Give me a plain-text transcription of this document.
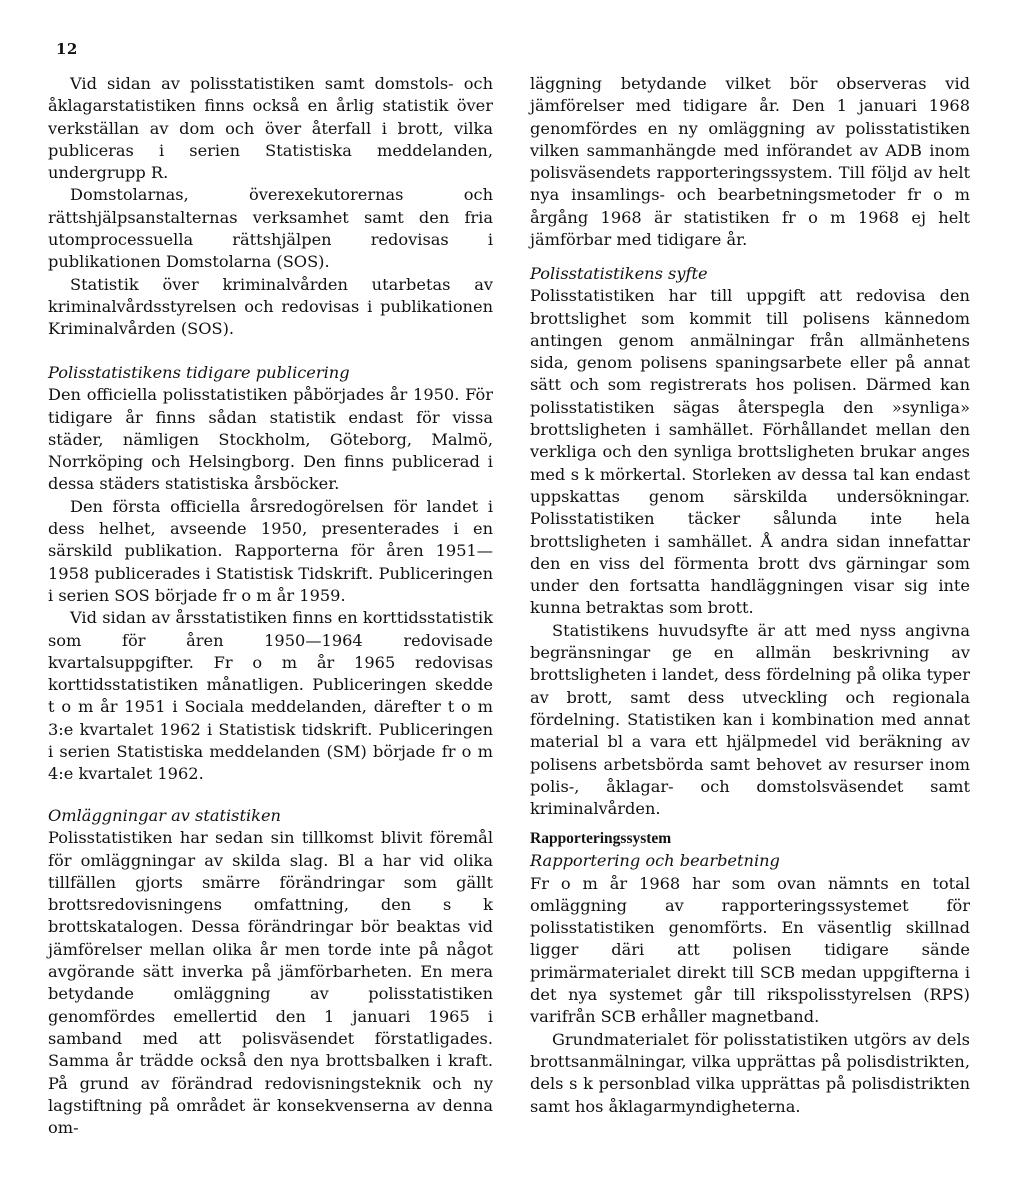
12

Vid sidan av polisstatistiken samt domstols- och åklagarstatistiken finns också en årlig statistik över verkställan av dom och över återfall i brott, vilka publiceras i serien Statistiska meddelanden, undergrupp R.

Domstolarnas, överexekutorernas och rättshjälpsanstalternas verksamhet samt den fria utomprocessuella rättshjälpen redovisas i publikationen Domstolarna (SOS).

Statistik över kriminalvården utarbetas av kriminalvårdsstyrelsen och redovisas i publikationen Kriminalvården (SOS).

Polisstatistikens tidigare publicering

Den officiella polisstatistiken påbörjades år 1950. För tidigare år finns sådan statistik endast för vissa städer, nämligen Stockholm, Göteborg, Malmö, Norrköping och Helsingborg. Den finns publicerad i dessa städers statistiska årsböcker.

Den första officiella årsredogörelsen för landet i dess helhet, avseende 1950, presenterades i en särskild publikation. Rapporterna för åren 1951—1958 publicerades i Statistisk Tidskrift. Publiceringen i serien SOS började fr o m år 1959.

Vid sidan av årsstatistiken finns en korttidsstatistik som för åren 1950—1964 redovisade kvartalsuppgifter. Fr o m år 1965 redovisas korttidsstatistiken månatligen. Publiceringen skedde t o m år 1951 i Sociala meddelanden, därefter t o m 3:e kvartalet 1962 i Statistisk tidskrift. Publiceringen i serien Statistiska meddelanden (SM) började fr o m 4:e kvartalet 1962.

Omläggningar av statistiken

Polisstatistiken har sedan sin tillkomst blivit föremål för omläggningar av skilda slag. Bl a har vid olika tillfällen gjorts smärre förändringar som gällt brottsredovisningens omfattning, den s k brottskatalogen. Dessa förändringar bör beaktas vid jämförelser mellan olika år men torde inte på något avgörande sätt inverka på jämförbarheten. En mera betydande omläggning av polisstatistiken genomfördes emellertid den 1 januari 1965 i samband med att polisväsendet förstatligades. Samma år trädde också den nya brottsbalken i kraft. På grund av förändrad redovisningsteknik och ny lagstiftning på området är konsekvenserna av denna om-

läggning betydande vilket bör observeras vid jämförelser med tidigare år. Den 1 januari 1968 genomfördes en ny omläggning av polisstatistiken vilken sammanhängde med införandet av ADB inom polisväsendets rapporteringssystem. Till följd av helt nya insamlings- och bearbetningsmetoder fr o m årgång 1968 är statistiken fr o m 1968 ej helt jämförbar med tidigare år.

Polisstatistikens syfte

Polisstatistiken har till uppgift att redovisa den brottslighet som kommit till polisens kännedom antingen genom anmälningar från allmänhetens sida, genom polisens spaningsarbete eller på annat sätt och som registrerats hos polisen. Därmed kan polisstatistiken sägas återspegla den »synliga» brottsligheten i samhället. Förhållandet mellan den verkliga och den synliga brottsligheten brukar anges med s k mörkertal. Storleken av dessa tal kan endast uppskattas genom särskilda undersökningar. Polisstatistiken täcker sålunda inte hela brottsligheten i samhället. Å andra sidan innefattar den en viss del förmenta brott dvs gärningar som under den fortsatta handläggningen visar sig inte kunna betraktas som brott.

Statistikens huvudsyfte är att med nyss angivna begränsningar ge en allmän beskrivning av brottsligheten i landet, dess fördelning på olika typer av brott, samt dess utveckling och regionala fördelning. Statistiken kan i kombination med annat material bl a vara ett hjälpmedel vid beräkning av polisens arbetsbörda samt behovet av resurser inom polis-, åklagar- och domstolsväsendet samt kriminalvården.

Rapporteringssystem
Rapportering och bearbetning

Fr o m år 1968 har som ovan nämnts en total omläggning av rapporteringssystemet för polisstatistiken genomförts. En väsentlig skillnad ligger däri att polisen tidigare sände primärmaterialet direkt till SCB medan uppgifterna i det nya systemet går till rikspolisstyrelsen (RPS) varifrån SCB erhåller magnetband.

Grundmaterialet för polisstatistiken utgörs av dels brottsanmälningar, vilka upprättas på polisdistrikten, dels s k personblad vilka upprättas på polisdistrikten samt hos åklagarmyndigheterna.
